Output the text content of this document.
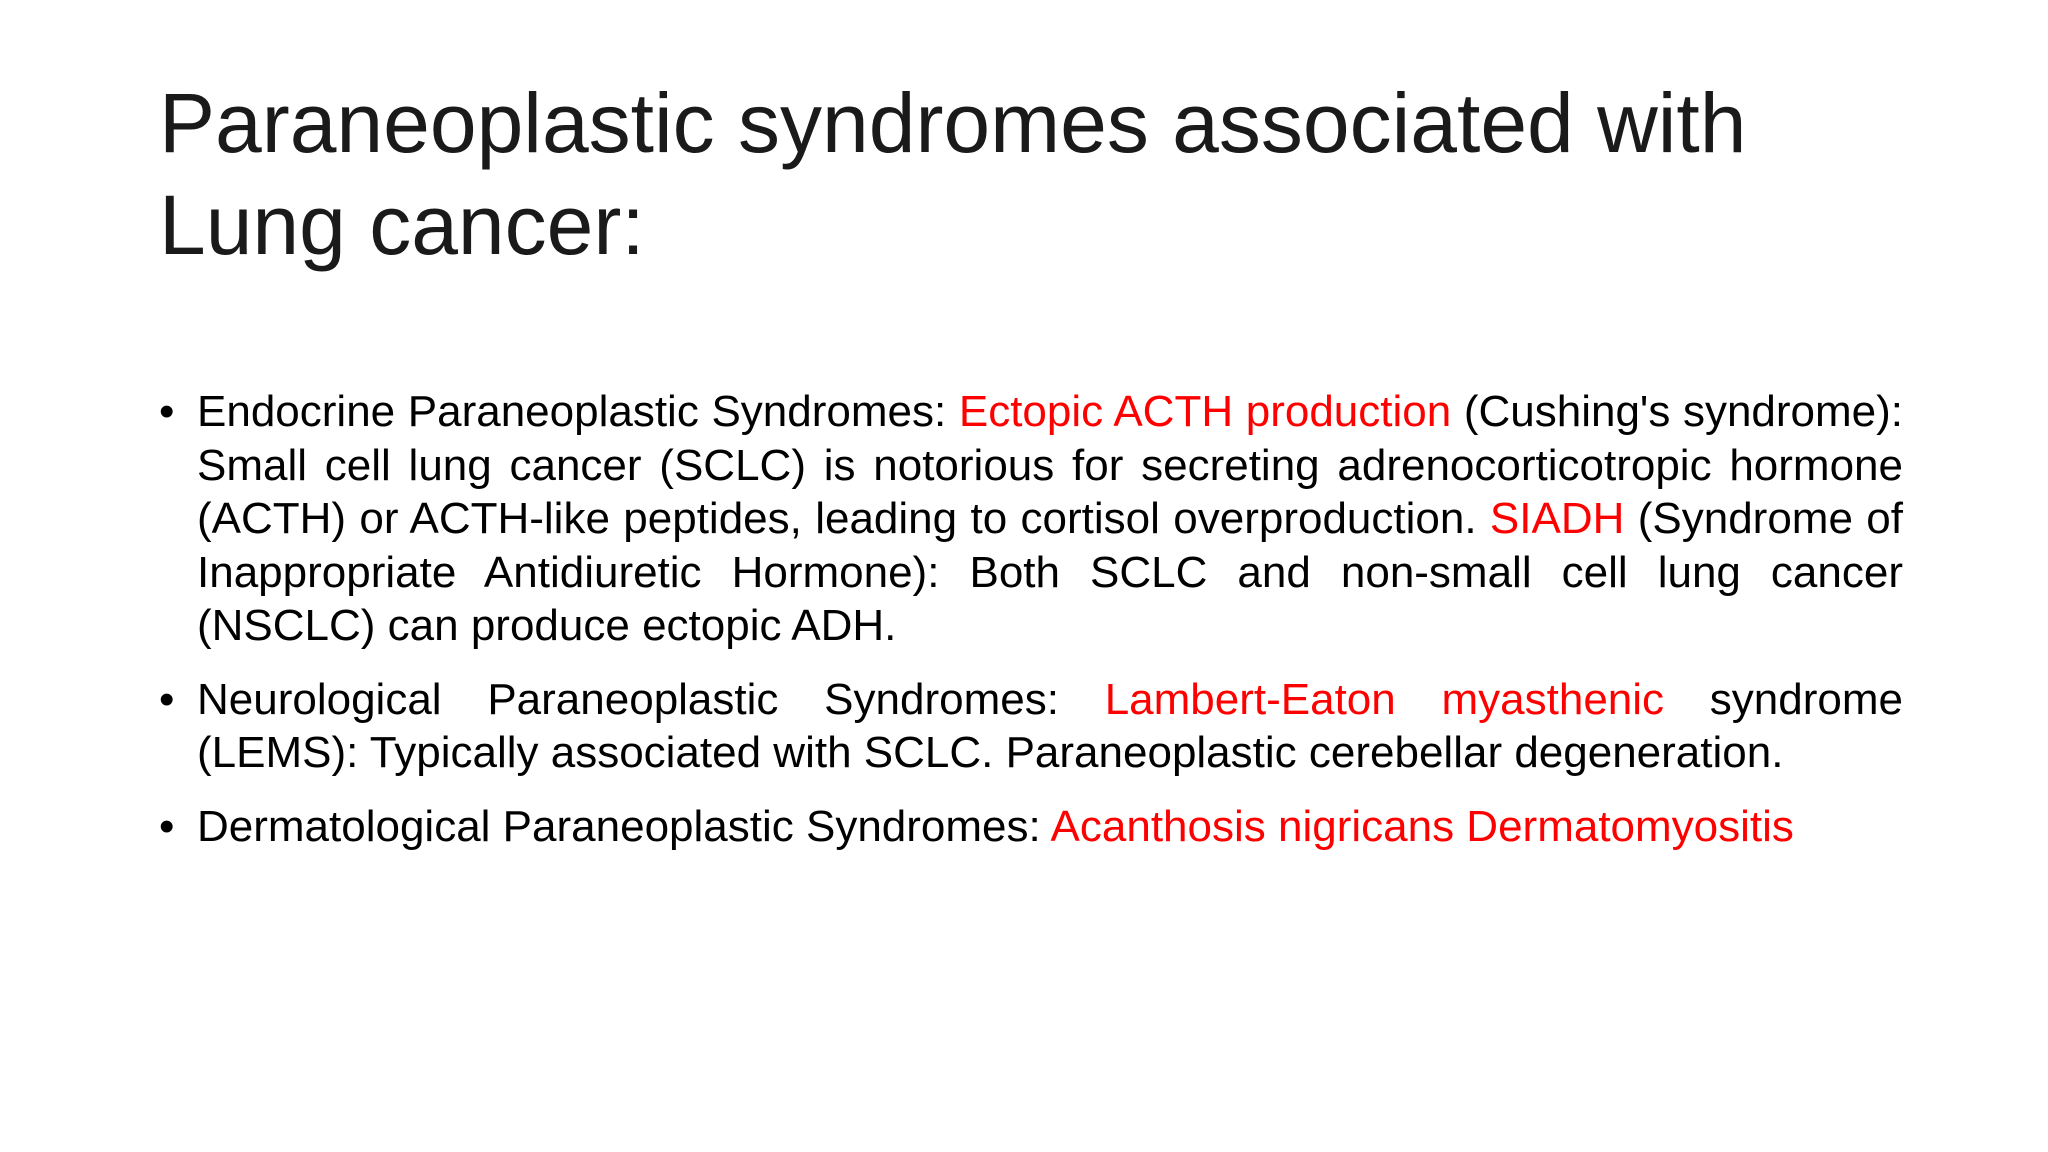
Paraneoplastic syndromes associated with
Lung cancer:
• Endocrine Paraneoplastic Syndromes: Ectopic ACTH production (Cushing's syndrome): Small cell lung cancer (SCLC) is notorious for secreting adrenocorticotropic hormone (ACTH) or ACTH-like peptides, leading to cortisol overproduction. SIADH (Syndrome of Inappropriate Antidiuretic Hormone): Both SCLC and non-small cell lung cancer (NSCLC) can produce ectopic ADH.
• Neurological Paraneoplastic Syndromes: Lambert-Eaton myasthenic syndrome (LEMS): Typically associated with SCLC. Paraneoplastic cerebellar degeneration.
• Dermatological Paraneoplastic Syndromes: Acanthosis nigricans Dermatomyositis
